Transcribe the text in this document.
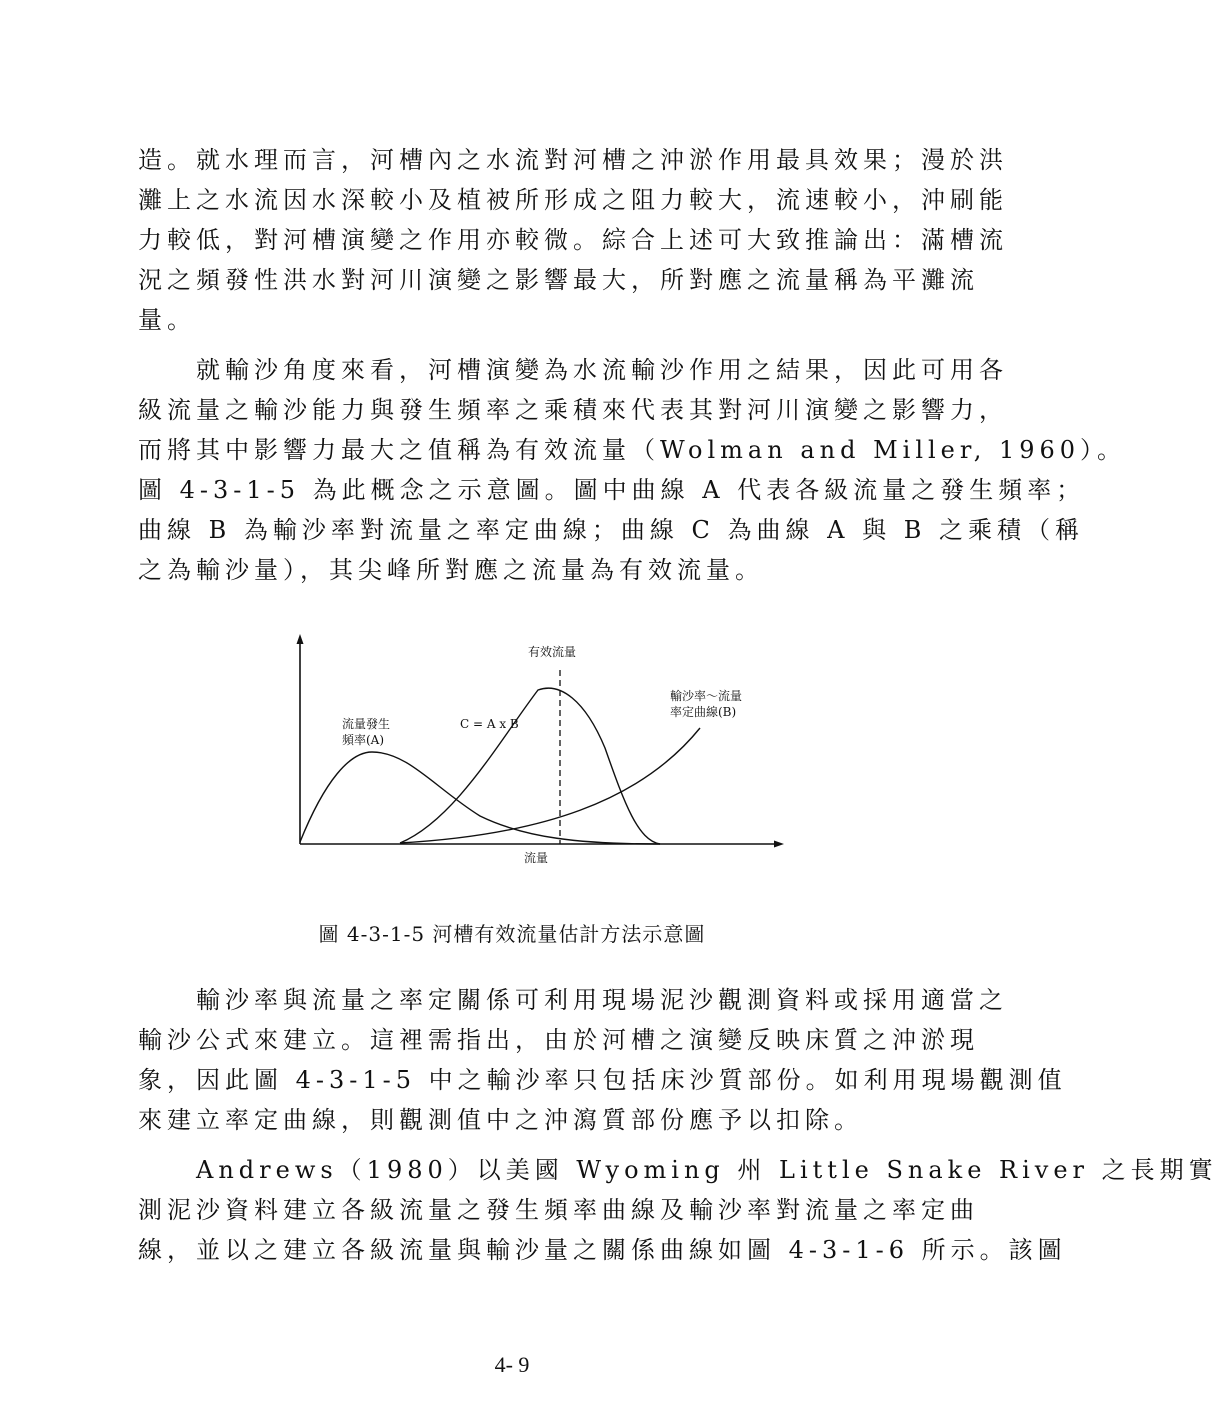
造。就水理而言，河槽內之水流對河槽之沖淤作用最具效果；漫於洪
灘上之水流因水深較小及植被所形成之阻力較大，流速較小，沖刷能
力較低，對河槽演變之作用亦較微。綜合上述可大致推論出：滿槽流
況之頻發性洪水對河川演變之影響最大，所對應之流量稱為平灘流
量。
　　就輸沙角度來看，河槽演變為水流輸沙作用之結果，因此可用各
級流量之輸沙能力與發生頻率之乘積來代表其對河川演變之影響力，
而將其中影響力最大之值稱為有效流量（Wolman and Miller, 1960）。
圖 4-3-1-5 為此概念之示意圖。圖中曲線 A 代表各級流量之發生頻率；
曲線 B 為輸沙率對流量之率定曲線；曲線 C 為曲線 A 與 B 之乘積（稱
之為輸沙量），其尖峰所對應之流量為有效流量。
有效流量
流量發生
頻率(A)
C = A x B
輸沙率～流量
率定曲線(B)
流量
圖 4-3-1-5 河槽有效流量估計方法示意圖
　　輸沙率與流量之率定關係可利用現場泥沙觀測資料或採用適當之
輸沙公式來建立。這裡需指出，由於河槽之演變反映床質之沖淤現
象，因此圖 4-3-1-5 中之輸沙率只包括床沙質部份。如利用現場觀測值
來建立率定曲線，則觀測值中之沖瀉質部份應予以扣除。
　　Andrews（1980）以美國 Wyoming 州 Little Snake River 之長期實
測泥沙資料建立各級流量之發生頻率曲線及輸沙率對流量之率定曲
線，並以之建立各級流量與輸沙量之關係曲線如圖 4-3-1-6 所示。該圖
4- 9
